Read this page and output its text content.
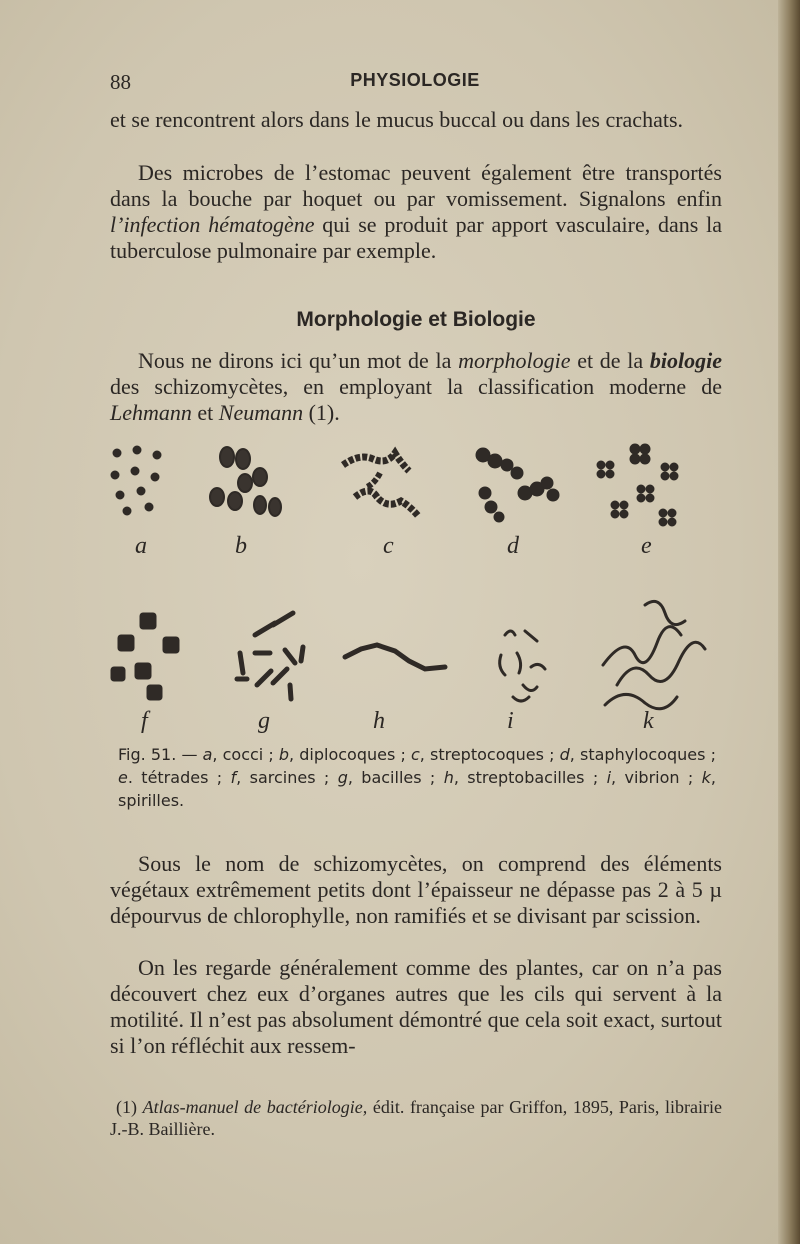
88	PHYSIOLOGIE

et se rencontrent alors dans le mucus buccal ou dans les crachats.

Des microbes de l’estomac peuvent également être transportés dans la bouche par hoquet ou par vomissement. Signalons enfin l’infection hématogène qui se produit par apport vasculaire, dans la tuberculose pulmonaire par exemple.

Morphologie et Biologie

Nous ne dirons ici qu’un mot de la morphologie et de la biologie des schizomycètes, en employant la classification moderne de Lehmann et Neumann (1).

a	b	c	d	e
f	g	h	i	k

Fig. 51. — a, cocci ; b, diplocoques ; c, streptocoques ; d, staphylocoques ; e. tétrades ; f, sarcines ; g, bacilles ; h, streptobacilles ; i, vibrion ; k, spirilles.

Sous le nom de schizomycètes, on comprend des éléments végétaux extrêmement petits dont l’épaisseur ne dépasse pas 2 à 5 µ dépourvus de chlorophylle, non ramifiés et se divisant par scission.

On les regarde généralement comme des plantes, car on n’a pas découvert chez eux d’organes autres que les cils qui servent à la motilité. Il n’est pas absolument démontré que cela soit exact, surtout si l’on réfléchit aux ressem-

(1) Atlas-manuel de bactériologie, édit. française par Griffon, 1895, Paris, librairie J.-B. Baillière.
